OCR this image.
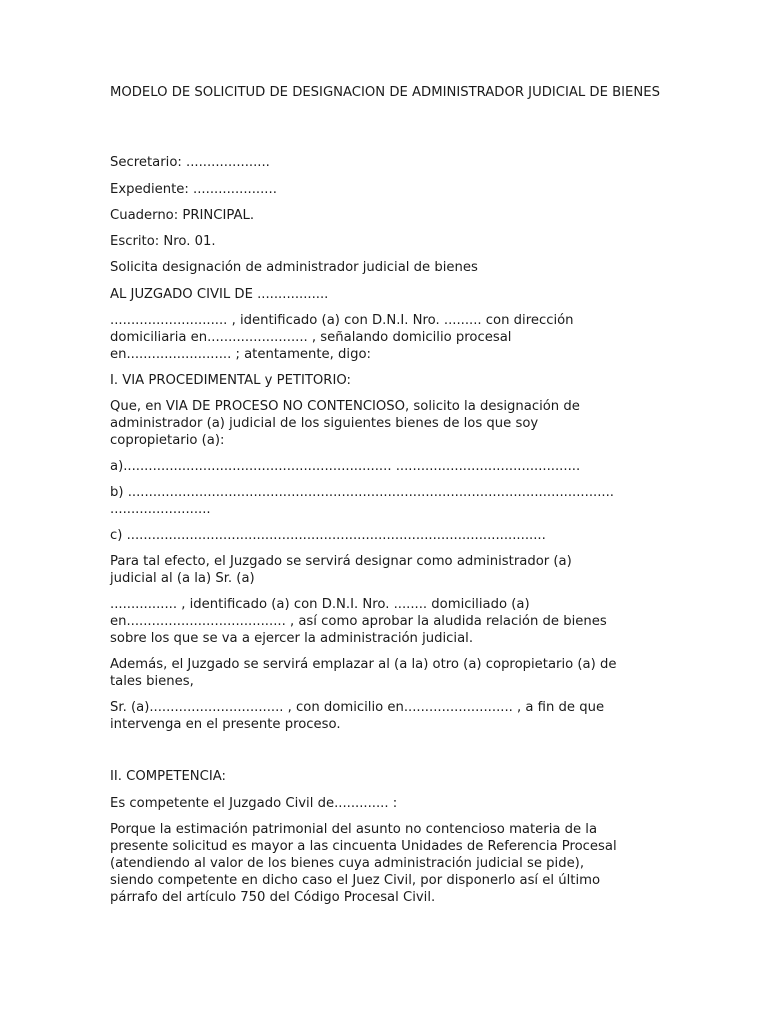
MODELO DE SOLICITUD DE DESIGNACION DE ADMINISTRADOR JUDICIAL DE BIENES

Secretario: ....................

Expediente: ....................

Cuaderno: PRINCIPAL.

Escrito: Nro. 01.

Solicita designación de administrador judicial de bienes

AL JUZGADO CIVIL DE .................

............................ , identificado (a) con D.N.I. Nro. ......... con dirección
domiciliaria en........................ , señalando domicilio procesal
en......................... ; atentamente, digo:

I. VIA PROCEDIMENTAL y PETITORIO:

Que, en VIA DE PROCESO NO CONTENCIOSO, solicito la designación de
administrador (a) judicial de los siguientes bienes de los que soy
copropietario (a):

a)................................................................ ............................................

b) ....................................................................................................................
........................

c) ....................................................................................................

Para tal efecto, el Juzgado se servirá designar como administrador (a)
judicial al (a la) Sr. (a)

................ , identificado (a) con D.N.I. Nro. ........ domiciliado (a)
en...................................... , así como aprobar la aludida relación de bienes
sobre los que se va a ejercer la administración judicial.

Además, el Juzgado se servirá emplazar al (a la) otro (a) copropietario (a) de
tales bienes,

Sr. (a)................................ , con domicilio en.......................... , a fin de que
intervenga en el presente proceso.

II. COMPETENCIA:

Es competente el Juzgado Civil de............. :

Porque la estimación patrimonial del asunto no contencioso materia de la
presente solicitud es mayor a las cincuenta Unidades de Referencia Procesal
(atendiendo al valor de los bienes cuya administración judicial se pide),
siendo competente en dicho caso el Juez Civil, por disponerlo así el último
párrafo del artículo 750 del Código Procesal Civil.
